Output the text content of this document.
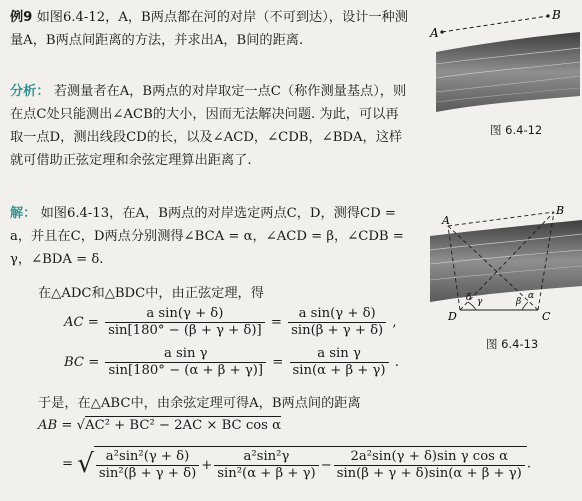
例9 如图6.4-12，A，B两点都在河的对岸（不可到达），设计一种测量A，B两点间距离的方法，并求出A，B间的距离.

分析： 若测量者在A，B两点的对岸取定一点C（称作测量基点），则在点C处只能测出∠ACB的大小，因而无法解决问题. 为此，可以再取一点D，测出线段CD的长，以及∠ACD，∠CDB，∠BDA，这样就可借助正弦定理和余弦定理算出距离了.

解： 如图6.4-13，在A，B两点的对岸选定两点C，D，测得CD = a，并且在C，D两点分别测得∠BCA = α，∠ACD = β，∠CDB = γ，∠BDA = δ.

在△ADC和△BDC中，由正弦定理，得
AC = $\frac{\text{a sin(γ + δ)}}{\sin[180^\circ - (\beta + \gamma + \delta)]} = \frac{\text{a sin(γ + δ)}}{\sin(\beta + \gamma + \delta)}$ ,
BC = $\frac{\text{a sin γ}}{\sin[180^\circ - (\alpha + \beta + \gamma)]} = \frac{\text{a sin γ}}{\sin(\alpha + \beta + \gamma)}$ .
于是，在△ABC中，由余弦定理可得A，B两点间的距离
AB = √AC² + BC² − 2AC × BC cos α
= √ $\frac{\text{a²sin²(γ + δ)}}{\text{sin²(β + γ + δ)}} + \frac{\text{a²sin²γ}}{\text{sin²(α + β + γ)}} - \frac{\text{2a²sin(γ + δ)sin γ cos α}}{\sin(\beta + \gamma + \delta)\sin(\alpha + \beta + \gamma)}$ .
A
B
图 6.4-12
A
B
C
D
δ γ	β
α
图 6.4-13
